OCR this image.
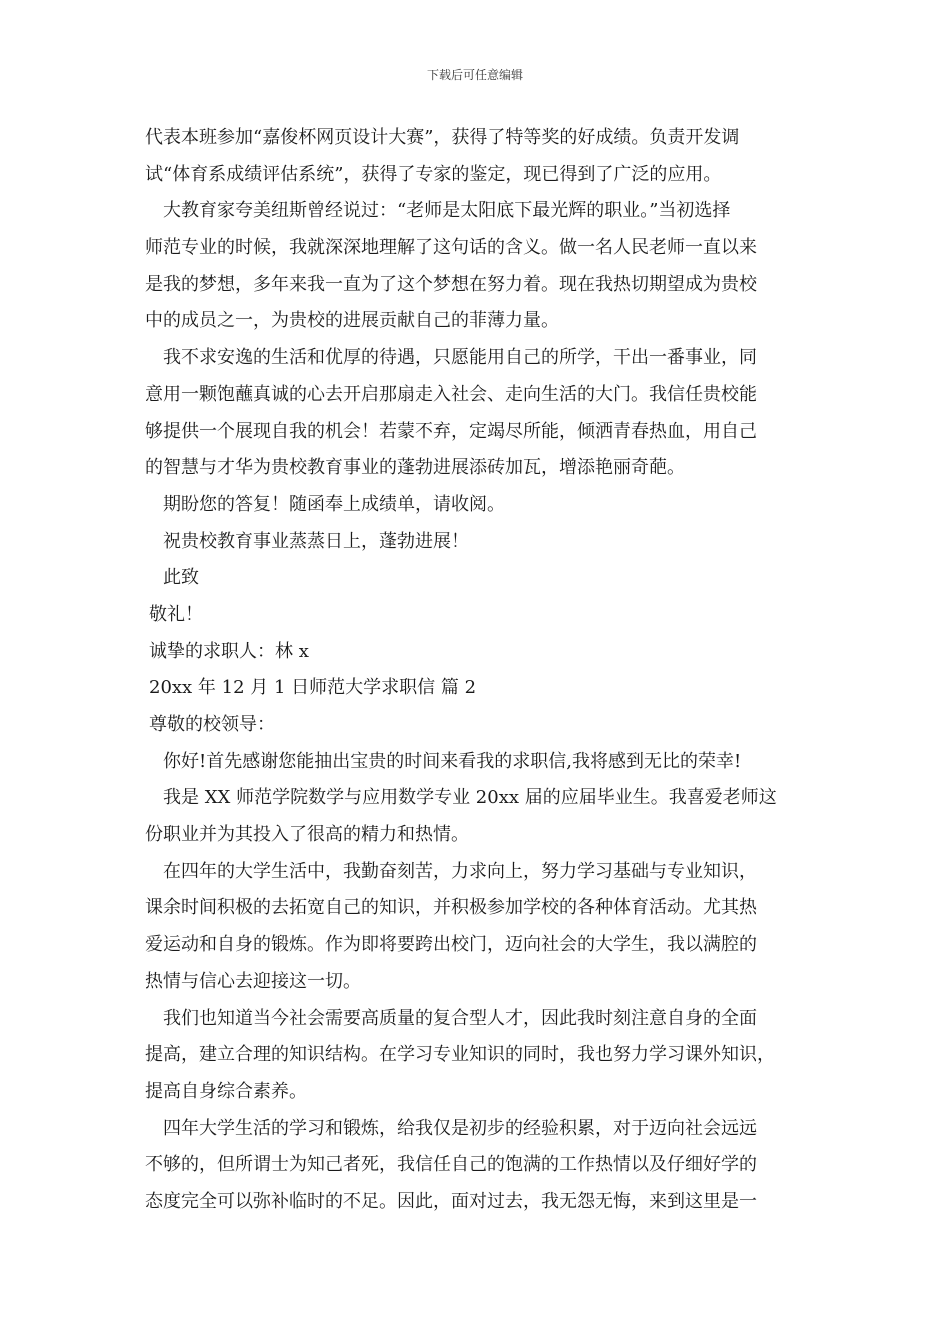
下载后可任意编辑
代表本班参加“嘉俊杯网页设计大赛”，获得了特等奖的好成绩。负责开发调
试“体育系成绩评估系统”，获得了专家的鉴定，现已得到了广泛的应用。
大教育家夸美纽斯曾经说过：“老师是太阳底下最光辉的职业。”当初选择
师范专业的时候，我就深深地理解了这句话的含义。做一名人民老师一直以来
是我的梦想，多年来我一直为了这个梦想在努力着。现在我热切期望成为贵校
中的成员之一，为贵校的进展贡献自己的菲薄力量。
我不求安逸的生活和优厚的待遇，只愿能用自己的所学，干出一番事业，同
意用一颗饱蘸真诚的心去开启那扇走入社会、走向生活的大门。我信任贵校能
够提供一个展现自我的机会！若蒙不弃，定竭尽所能，倾洒青春热血，用自己
的智慧与才华为贵校教育事业的蓬勃进展添砖加瓦，增添艳丽奇葩。
期盼您的答复！随函奉上成绩单，请收阅。
祝贵校教育事业蒸蒸日上，蓬勃进展！
此致
敬礼！
诚挚的求职人：林 x
20xx 年 12 月 1 日师范大学求职信 篇 2
尊敬的校领导：
你好!首先感谢您能抽出宝贵的时间来看我的求职信,我将感到无比的荣幸!
我是 XX 师范学院数学与应用数学专业 20xx 届的应届毕业生。我喜爱老师这
份职业并为其投入了很高的精力和热情。
在四年的大学生活中，我勤奋刻苦，力求向上，努力学习基础与专业知识，
课余时间积极的去拓宽自己的知识，并积极参加学校的各种体育活动。尤其热
爱运动和自身的锻炼。作为即将要跨出校门，迈向社会的大学生，我以满腔的
热情与信心去迎接这一切。
我们也知道当今社会需要高质量的复合型人才，因此我时刻注意自身的全面
提高，建立合理的知识结构。在学习专业知识的同时，我也努力学习课外知识，
提高自身综合素养。
四年大学生活的学习和锻炼，给我仅是初步的经验积累，对于迈向社会远远
不够的，但所谓士为知己者死，我信任自己的饱满的工作热情以及仔细好学的
态度完全可以弥补临时的不足。因此，面对过去，我无怨无悔，来到这里是一
